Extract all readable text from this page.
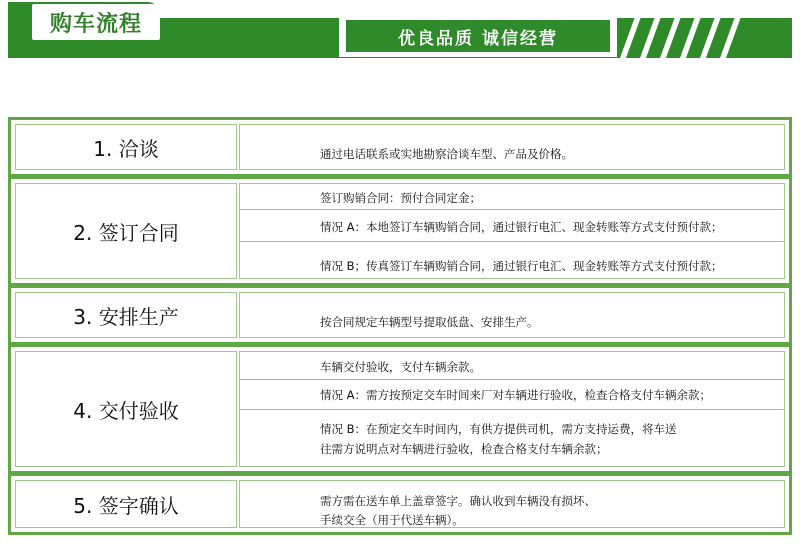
购车流程
优良品质 诚信经营
1. 洽谈	通过电话联系或实地勘察洽谈车型、产品及价格。
2. 签订合同
签订购销合同：预付合同定金；
情况 A：本地签订车辆购销合同，通过银行电汇、现金转账等方式支付预付款；
情况 B；传真签订车辆购销合同，通过银行电汇、现金转账等方式支付预付款；
3. 安排生产	按合同规定车辆型号提取低盘、安排生产。
4. 交付验收
车辆交付验收，支付车辆余款。
情况 A：需方按预定交车时间来厂对车辆进行验收，检查合格支付车辆余款；
情况 B：在预定交车时间内，有供方提供司机，需方支持运费，将车送
往需方说明点对车辆进行验收，检查合格支付车辆余款；
5. 签字确认	需方需在送车单上盖章签字。确认收到车辆没有损坏、
手续交全（用于代送车辆）。
